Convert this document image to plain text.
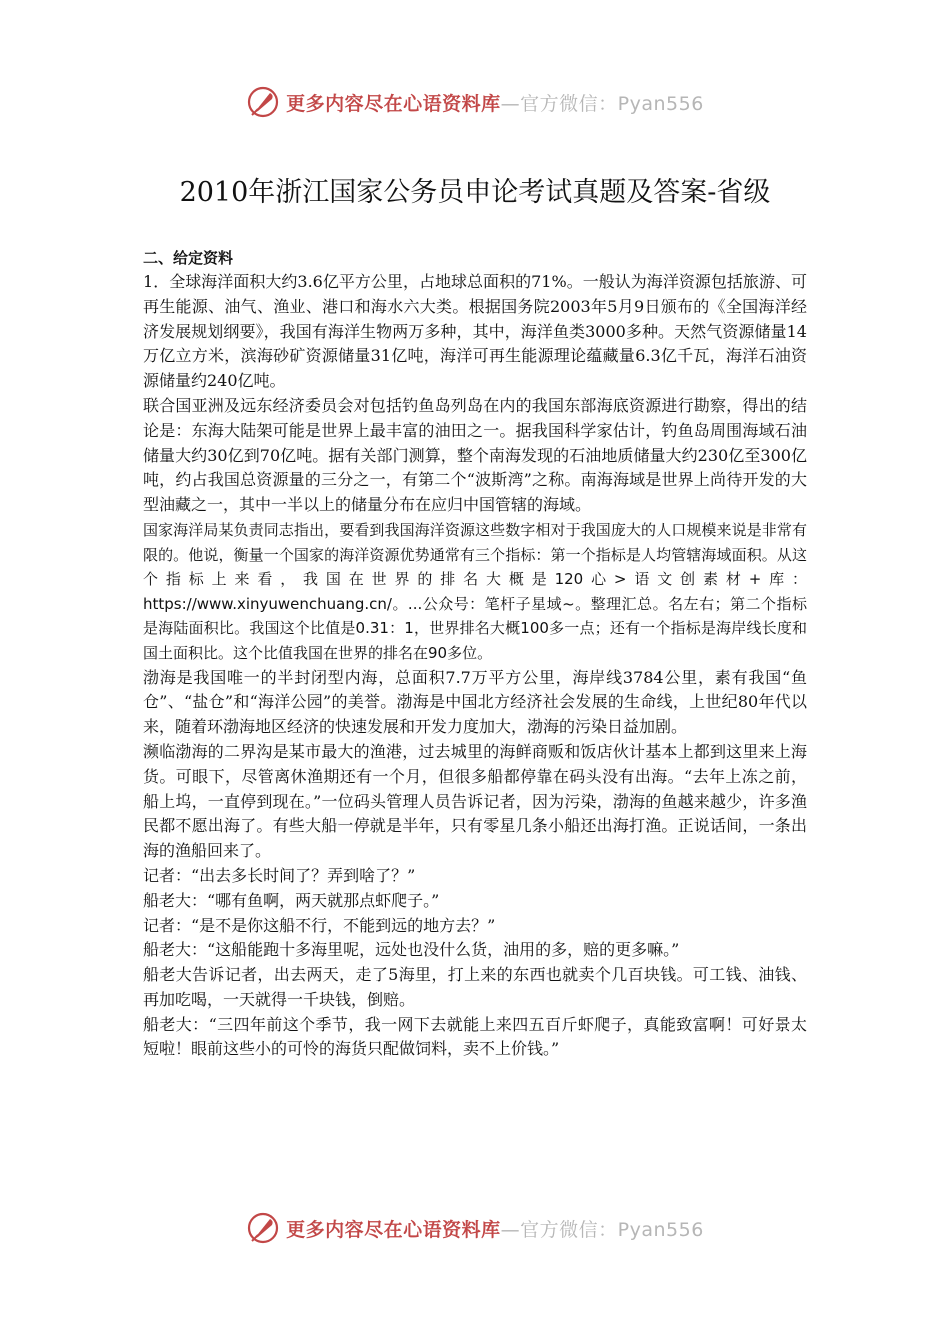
更多内容尽在心语资料库—官方微信：Pyan556
2010年浙江国家公务员申论考试真题及答案-省级
二、给定资料

1．全球海洋面积大约3.6亿平方公里，占地球总面积的71%。一般认为海洋资源包括旅游、可再生能源、油气、渔业、港口和海水六大类。根据国务院2003年5月9日颁布的《全国海洋经济发展规划纲要》，我国有海洋生物两万多种，其中，海洋鱼类3000多种。天然气资源储量14万亿立方米，滨海砂矿资源储量31亿吨，海洋可再生能源理论蕴藏量6.3亿千瓦，海洋石油资源储量约240亿吨。

联合国亚洲及远东经济委员会对包括钓鱼岛列岛在内的我国东部海底资源进行勘察，得出的结论是：东海大陆架可能是世界上最丰富的油田之一。据我国科学家估计，钓鱼岛周围海域石油储量大约30亿到70亿吨。据有关部门测算，整个南海发现的石油地质储量大约230亿至300亿吨，约占我国总资源量的三分之一，有第二个“波斯湾”之称。南海海域是世界上尚待开发的大型油藏之一，其中一半以上的储量分布在应归中国管辖的海域。

国家海洋局某负责同志指出，要看到我国海洋资源这些数字相对于我国庞大的人口规模来说是非常有限的。他说，衡量一个国家的海洋资源优势通常有三个指标：第一个指标是人均管辖海域面积。从这个指标上来看，我国在世界的排名大概是120心>语文创素材+库：https://www.xinyuwenchuang.cn/。...公众号：笔杆子星域~。整理汇总。名左右；第二个指标是海陆面积比。我国这个比值是0.31：1，世界排名大概100多一点；还有一个指标是海岸线长度和国土面积比。这个比值我国在世界的排名在90多位。

渤海是我国唯一的半封闭型内海，总面积7.7万平方公里，海岸线3784公里，素有我国“鱼仓”、“盐仓”和“海洋公园”的美誉。渤海是中国北方经济社会发展的生命线，上世纪80年代以来，随着环渤海地区经济的快速发展和开发力度加大，渤海的污染日益加剧。

濒临渤海的二界沟是某市最大的渔港，过去城里的海鲜商贩和饭店伙计基本上都到这里来上海货。可眼下，尽管离休渔期还有一个月，但很多船都停靠在码头没有出海。“去年上冻之前，船上坞，一直停到现在。”一位码头管理人员告诉记者，因为污染，渤海的鱼越来越少，许多渔民都不愿出海了。有些大船一停就是半年，只有零星几条小船还出海打渔。正说话间，一条出海的渔船回来了。

记者：“出去多长时间了？弄到啥了？”

船老大：“哪有鱼啊，两天就那点虾爬子。”

记者：“是不是你这船不行，不能到远的地方去？”

船老大：“这船能跑十多海里呢，远处也没什么货，油用的多，赔的更多嘛。”

船老大告诉记者，出去两天，走了5海里，打上来的东西也就卖个几百块钱。可工钱、油钱、再加吃喝，一天就得一千块钱，倒赔。

船老大：“三四年前这个季节，我一网下去就能上来四五百斤虾爬子，真能致富啊！可好景太短啦！眼前这些小的可怜的海货只配做饲料，卖不上价钱。”

更多内容尽在心语资料库—官方微信：Pyan556
